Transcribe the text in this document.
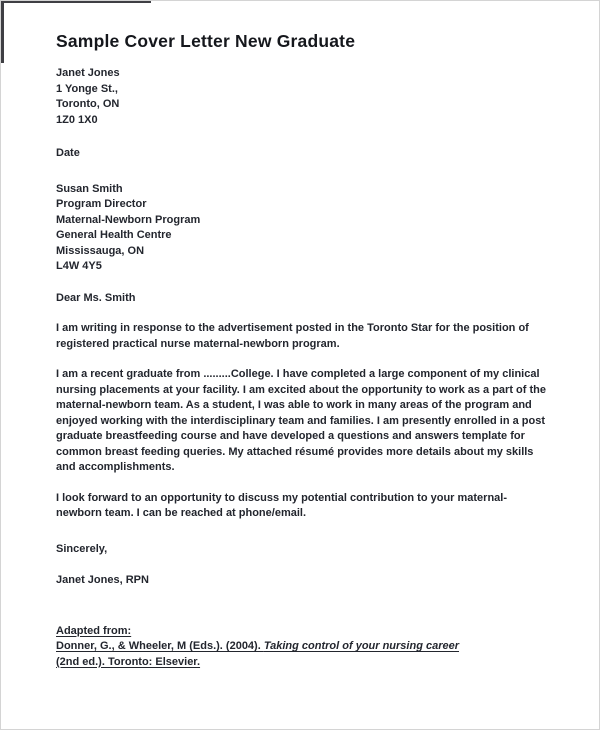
Sample Cover Letter New Graduate
Janet Jones
1 Yonge St.,
Toronto, ON
1Z0 1X0
Date
Susan Smith
Program Director
Maternal-Newborn Program
General Health Centre
Mississauga, ON
L4W 4Y5
Dear Ms. Smith

I am writing in response to the advertisement posted in the Toronto Star for the position of registered practical nurse maternal-newborn program.

I am a recent graduate from .........College. I have completed a large component of my clinical nursing placements at your facility. I am excited about the opportunity to work as a part of the maternal-newborn team. As a student, I was able to work in many areas of the program and enjoyed working with the interdisciplinary team and families. I am presently enrolled in a post graduate breastfeeding course and have developed a questions and answers template for common breast feeding queries. My attached résumé provides more details about my skills and accomplishments.

I look forward to an opportunity to discuss my potential contribution to your maternal-newborn team. I can be reached at phone/email.

Sincerely,
Janet Jones, RPN
Adapted from:
Donner, G., & Wheeler, M (Eds.). (2004). Taking control of your nursing career
(2nd ed.). Toronto: Elsevier.
